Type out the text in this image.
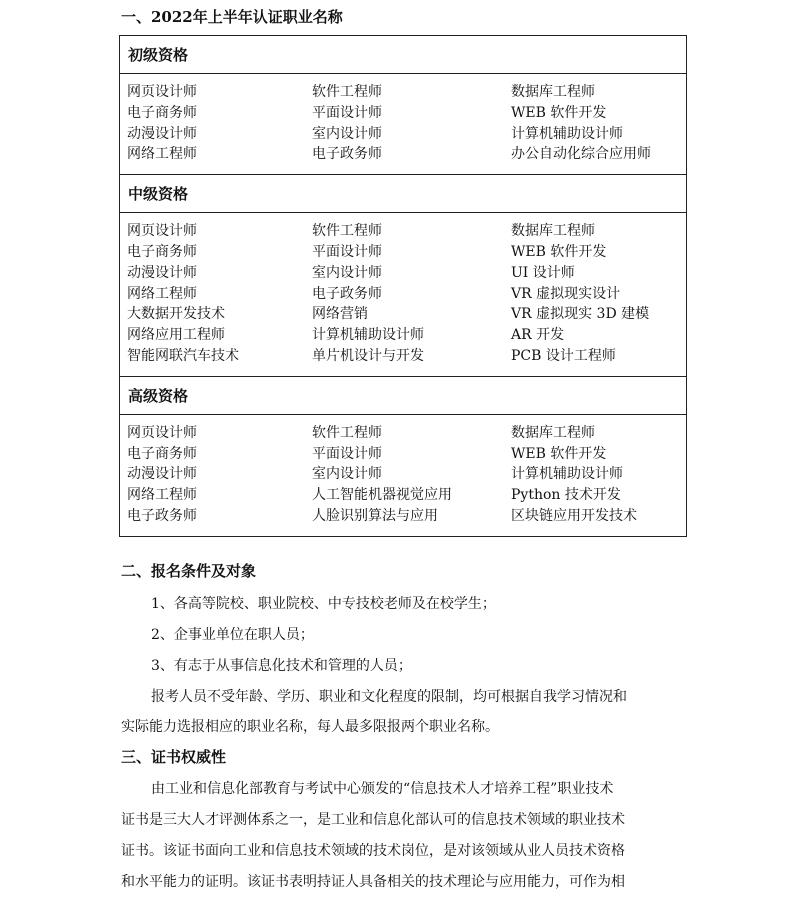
一、2022年上半年认证职业名称
初级资格

网页设计师	软件工程师	数据库工程师
电子商务师	平面设计师	WEB 软件开发
动漫设计师	室内设计师	计算机辅助设计师
网络工程师	电子政务师	办公自动化综合应用师

中级资格

网页设计师	软件工程师	数据库工程师
电子商务师	平面设计师	WEB 软件开发
动漫设计师	室内设计师	UI 设计师
网络工程师	电子政务师	VR 虚拟现实设计
大数据开发技术	网络营销	VR 虚拟现实 3D 建模
网络应用工程师	计算机辅助设计师	AR 开发
智能网联汽车技术	单片机设计与开发	PCB 设计工程师

高级资格

网页设计师	软件工程师	数据库工程师
电子商务师	平面设计师	WEB 软件开发
动漫设计师	室内设计师	计算机辅助设计师
网络工程师	人工智能机器视觉应用	Python 技术开发
电子政务师	人脸识别算法与应用	区块链应用开发技术
二、报名条件及对象
1、各高等院校、职业院校、中专技校老师及在校学生；
2、企事业单位在职人员；
3、有志于从事信息化技术和管理的人员；
报考人员不受年龄、学历、职业和文化程度的限制，均可根据自我学习情况和
实际能力选报相应的职业名称，每人最多限报两个职业名称。
三、证书权威性
由工业和信息化部教育与考试中心颁发的“信息技术人才培养工程”职业技术
证书是三大人才评测体系之一，是工业和信息化部认可的信息技术领域的职业技术
证书。该证书面向工业和信息技术领域的技术岗位，是对该领域从业人员技术资格
和水平能力的证明。该证书表明持证人具备相关的技术理论与应用能力，可作为相
